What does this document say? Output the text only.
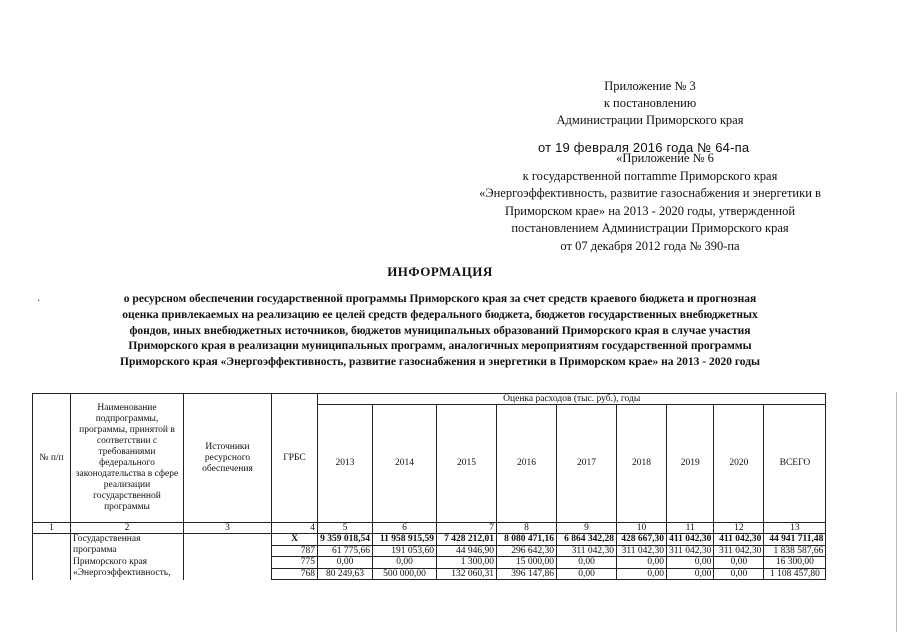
Приложение № 3
к постановлению
Администрации Приморского края
от 19 февраля 2016 года № 64-па
«Приложение № 6
к государственной погramme Приморского края
«Энергоэффективность, развитие газоснабжения и энергетики в
Приморском крае» на 2013 - 2020 годы, утвержденной
постановлением Администрации Приморского края
от 07 декабря 2012 года № 390-па
ИНФОРМАЦИЯ
·	о ресурсном обеспечении государственной программы Приморского края за счет средств краевого бюджета и прогнозная
оценка привлекаемых на реализацию ее целей средств федерального бюджета, бюджетов государственных внебюджетных
фондов, иных внебюджетных источников, бюджетов муниципальных образований Приморского края в случае участия
Приморского края в реализации муниципальных программ, аналогичных мероприятиям государственной программы
Приморского края «Энергоэффективность, развитие газоснабжения и энергетики в Приморском крае» на 2013 - 2020 годы
№ п/п	Наименование подпрограммы, программы, принятой в соответствии с требованиями федерального законодательства в сфере реализации государственной программы	Источники ресурсного обеспечения	ГРБС	Оценка расходов (тыс. руб.), годы								
				2013	2014	2015	2016	2017	2018	2019	2020	ВСЕГО
1	2	3	4	5	6	7	8	9	10	11	12	13
	Государственная		Х	9 359 018,54	11 958 915,59	7 428 212,01	8 080 471,16	6 864 342,28	428 667,30	411 042,30	411 042,30	44 941 711,48
	программа		787	61 775,66	191 053,60	44 946,90	296 642,30	311 042,30	311 042,30	311 042,30	311 042,30	1 838 587,66
	Приморского края		775	0,00	0,00	1 300,00	15 000,00	0,00	0,00	0,00	0,00	16 300,00
	«Энергоэффективность,		768	80 249,63	500 000,00	132 060,31	396 147,86	0,00	0,00	0,00	0,00	1 108 457,80
